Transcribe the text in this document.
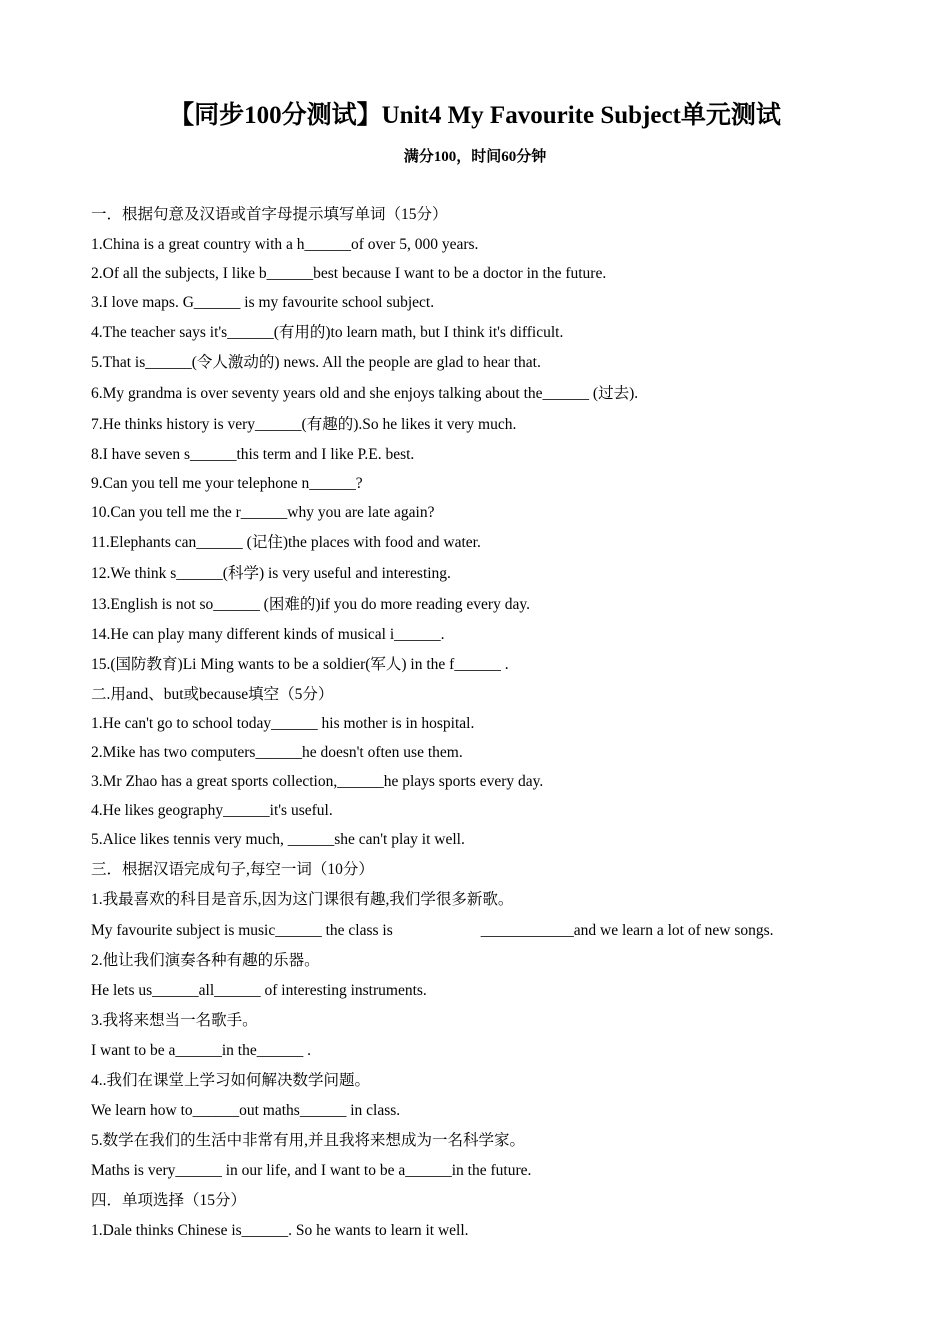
【同步100分测试】Unit4 My Favourite Subject单元测试
满分100，时间60分钟
一．根据句意及汉语或首字母提示填写单词（15分）
1.China is a great country with a h______of over 5, 000 years.
2.Of all the subjects, I like b______best because I want to be a doctor in the future.
3.I love maps. G______ is my favourite school subject.
4.The teacher says it's______(有用的)to learn math, but I think it's difficult.
5.That is______(令人激动的) news. All the people are glad to hear that.
6.My grandma is over seventy years old and she enjoys talking about the______ (过去).
7.He thinks history is very______(有趣的).So he likes it very much.
8.I have seven s______this term and I like P.E. best.
9.Can you tell me your telephone n______?
10.Can you tell me the r______why you are late again?
11.Elephants can______ (记住)the places with food and water.
12.We think s______(科学) is very useful and interesting.
13.English is not so______ (困难的)if you do more reading every day.
14.He can play many different kinds of musical i______.
15.(国防教育)Li Ming wants to be a soldier(军人) in the f______ .
二.用and、but或because填空（5分）
1.He can't go to school today______ his mother is in hospital.
2.Mike has two computers______he doesn't often use them.
3.Mr Zhao has a great sports collection,______he plays sports every day.
4.He likes geography______it's useful.
5.Alice likes tennis very much, ______she can't play it well.
三．根据汉语完成句子,每空一词（10分）
1.我最喜欢的科目是音乐,因为这门课很有趣,我们学很多新歌。
My favourite subject is music______ the class is	____________and we learn a lot of new songs.
2.他让我们演奏各种有趣的乐器。
He lets us______all______ of interesting instruments.
3.我将来想当一名歌手。
I want to be a______in the______ .
4..我们在课堂上学习如何解决数学问题。
We learn how to______out maths______ in class.
5.数学在我们的生活中非常有用,并且我将来想成为一名科学家。
Maths is very______ in our life, and I want to be a______in the future.
四．单项选择（15分）
1.Dale thinks Chinese is______. So he wants to learn it well.
